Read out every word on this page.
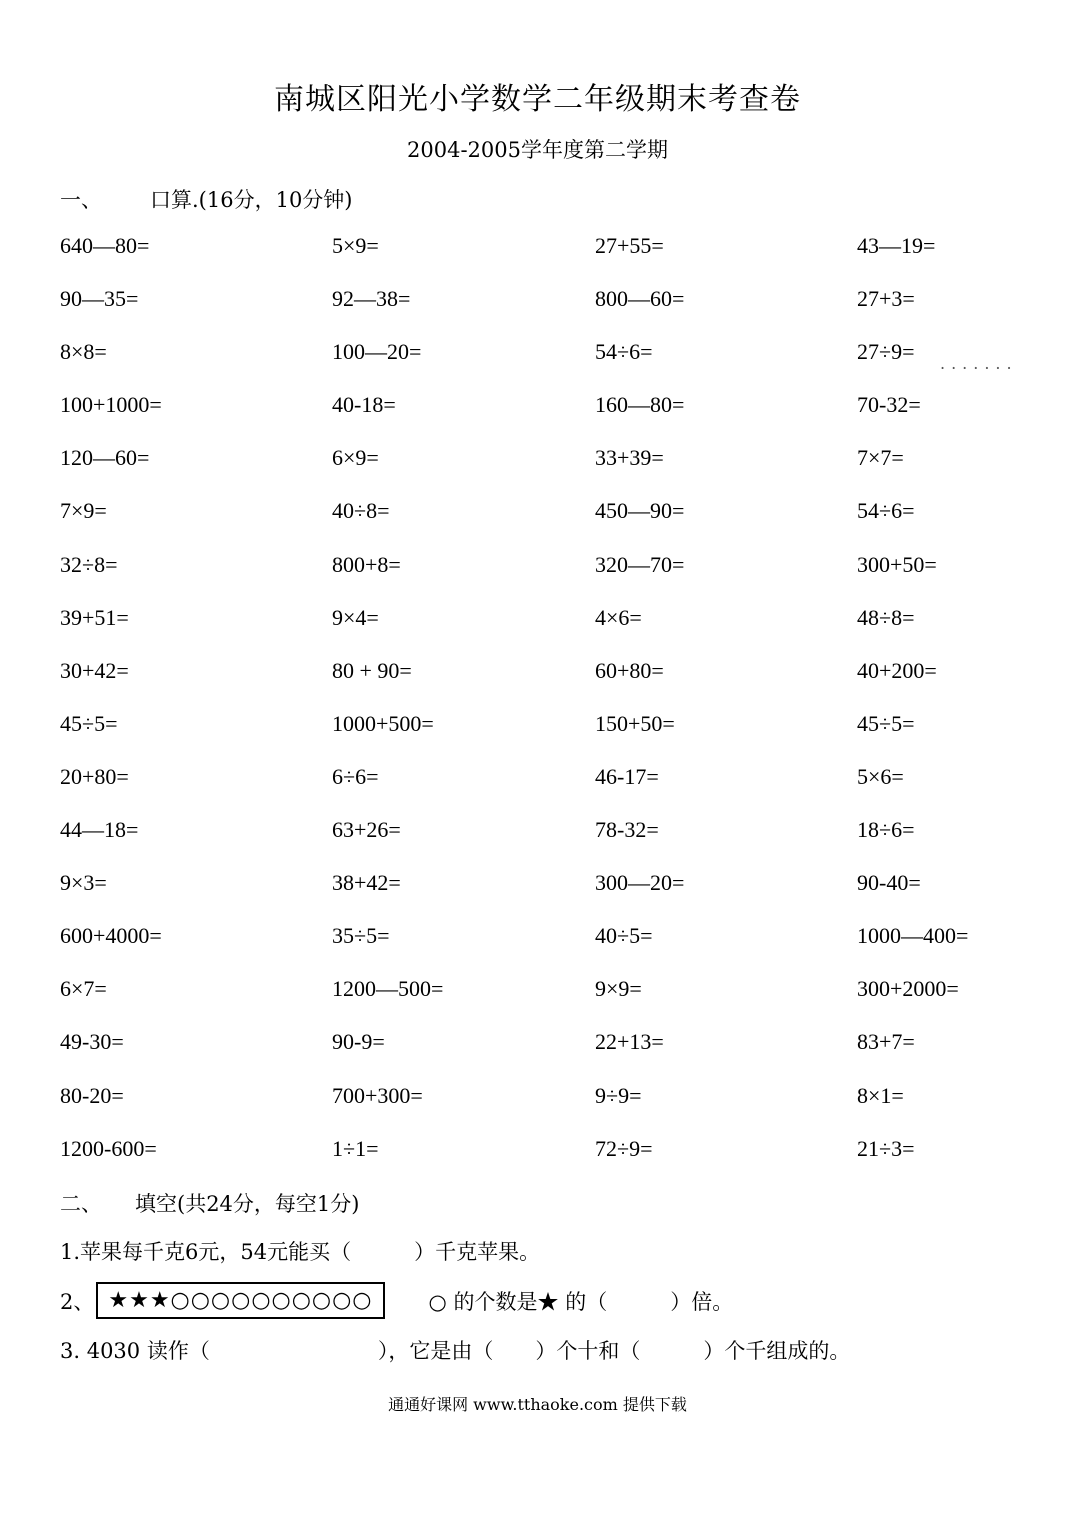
南城区阳光小学数学二年级期末考查卷
2004-2005学年度第二学期
一、 口算.(16分，10分钟)
640—80=	5×9=	27+55=	43—19=
90—35=	92—38=	800—60=	27+3=
8×8=	100—20=	54÷6=	27÷9=
100+1000=	40-18=	160—80=	70-32=
120—60=	6×9=	33+39=	7×7=
7×9=	40÷8=	450—90=	54÷6=
32÷8=	800+8=	320—70=	300+50=
39+51=	9×4=	4×6=	48÷8=
30+42=	80 + 90=	60+80=	40+200=
45÷5=	1000+500=	150+50=	45÷5=
20+80=	6÷6=	46-17=	5×6=
44—18=	63+26=	78-32=	18÷6=
9×3=	38+42=	300—20=	90-40=
600+4000=	35÷5=	40÷5=	1000—400=
6×7=	1200—500=	9×9=	300+2000=
49-30=	90-9=	22+13=	83+7=
80-20=	700+300=	9÷9=	8×1=
1200-600=	1÷1=	72÷9=	21÷3=
.......
二、 填空(共24分，每空1分)
1.苹果每千克6元，54元能买（　　　）千克苹果。
2、 ★★★○○○○○○○○○○	○ 的个数是★ 的（　　　）倍。
3. 4030 读作（　　　　　　　　），它是由（　　）个十和（　　　）个千组成的。
通通好课网 www.tthaoke.com 提供下载
